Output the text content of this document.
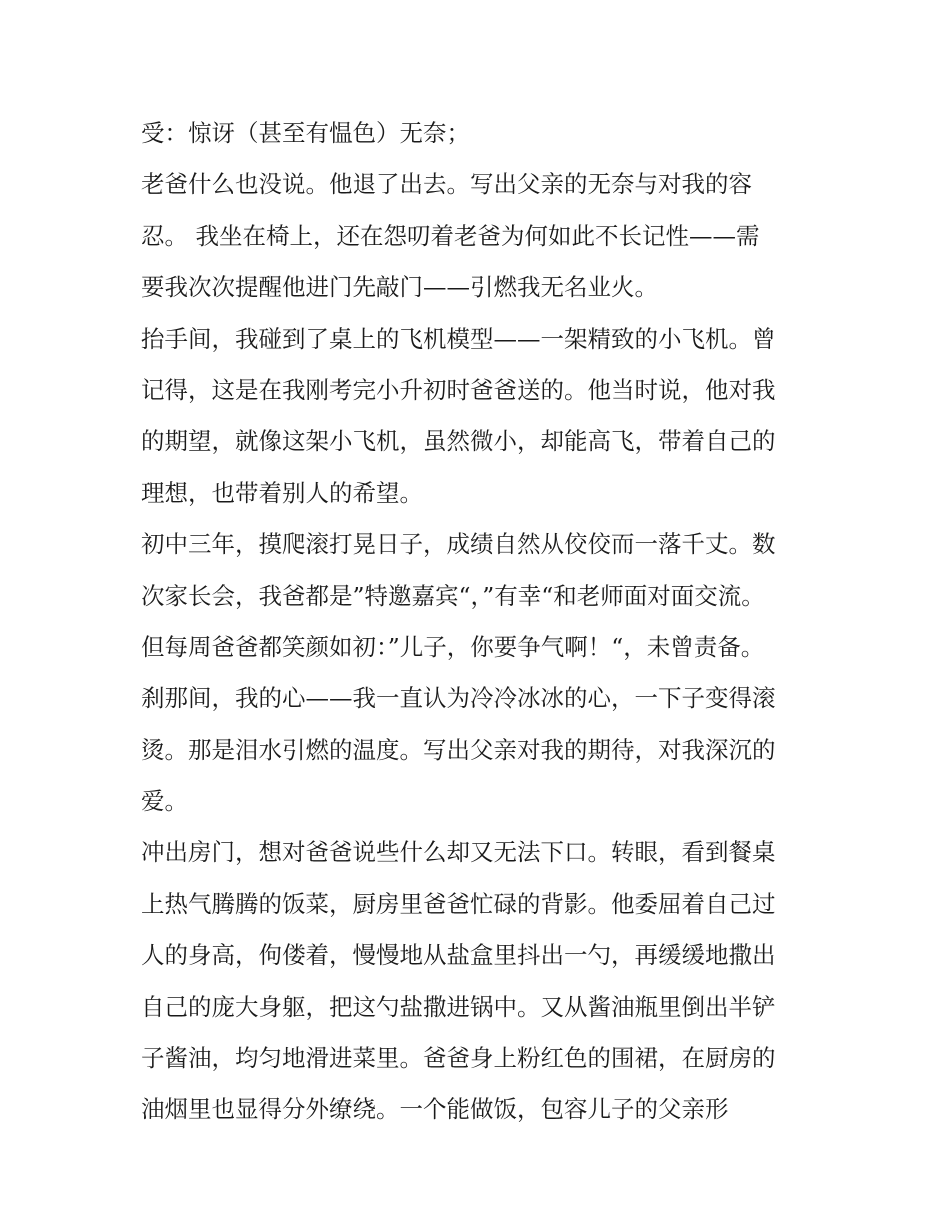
受：惊讶（甚至有愠色）无奈；
老爸什么也没说。他退了出去。写出父亲的无奈与对我的容
忍。 我坐在椅上，还在怨叨着老爸为何如此不长记性——需
要我次次提醒他进门先敲门——引燃我无名业火。
抬手间，我碰到了桌上的飞机模型——一架精致的小飞机。曾
记得，这是在我刚考完小升初时爸爸送的。他当时说，他对我
的期望，就像这架小飞机，虽然微小，却能高飞，带着自己的
理想，也带着别人的希望。
初中三年，摸爬滚打晃日子，成绩自然从佼佼而一落千丈。数
次家长会，我爸都是”特邀嘉宾“，”有幸“和老师面对面交流。
但每周爸爸都笑颜如初：”儿子，你要争气啊！“，未曾责备。
刹那间，我的心——我一直认为冷冷冰冰的心，一下子变得滚
烫。那是泪水引燃的温度。写出父亲对我的期待，对我深沉的
爱。
冲出房门，想对爸爸说些什么却又无法下口。转眼，看到餐桌
上热气腾腾的饭菜，厨房里爸爸忙碌的背影。他委屈着自己过
人的身高，佝偻着，慢慢地从盐盒里抖出一勺，再缓缓地撒出
自己的庞大身躯，把这勺盐撒进锅中。又从酱油瓶里倒出半铲
子酱油，均匀地滑进菜里。爸爸身上粉红色的围裙，在厨房的
油烟里也显得分外缭绕。一个能做饭，包容儿子的父亲形
